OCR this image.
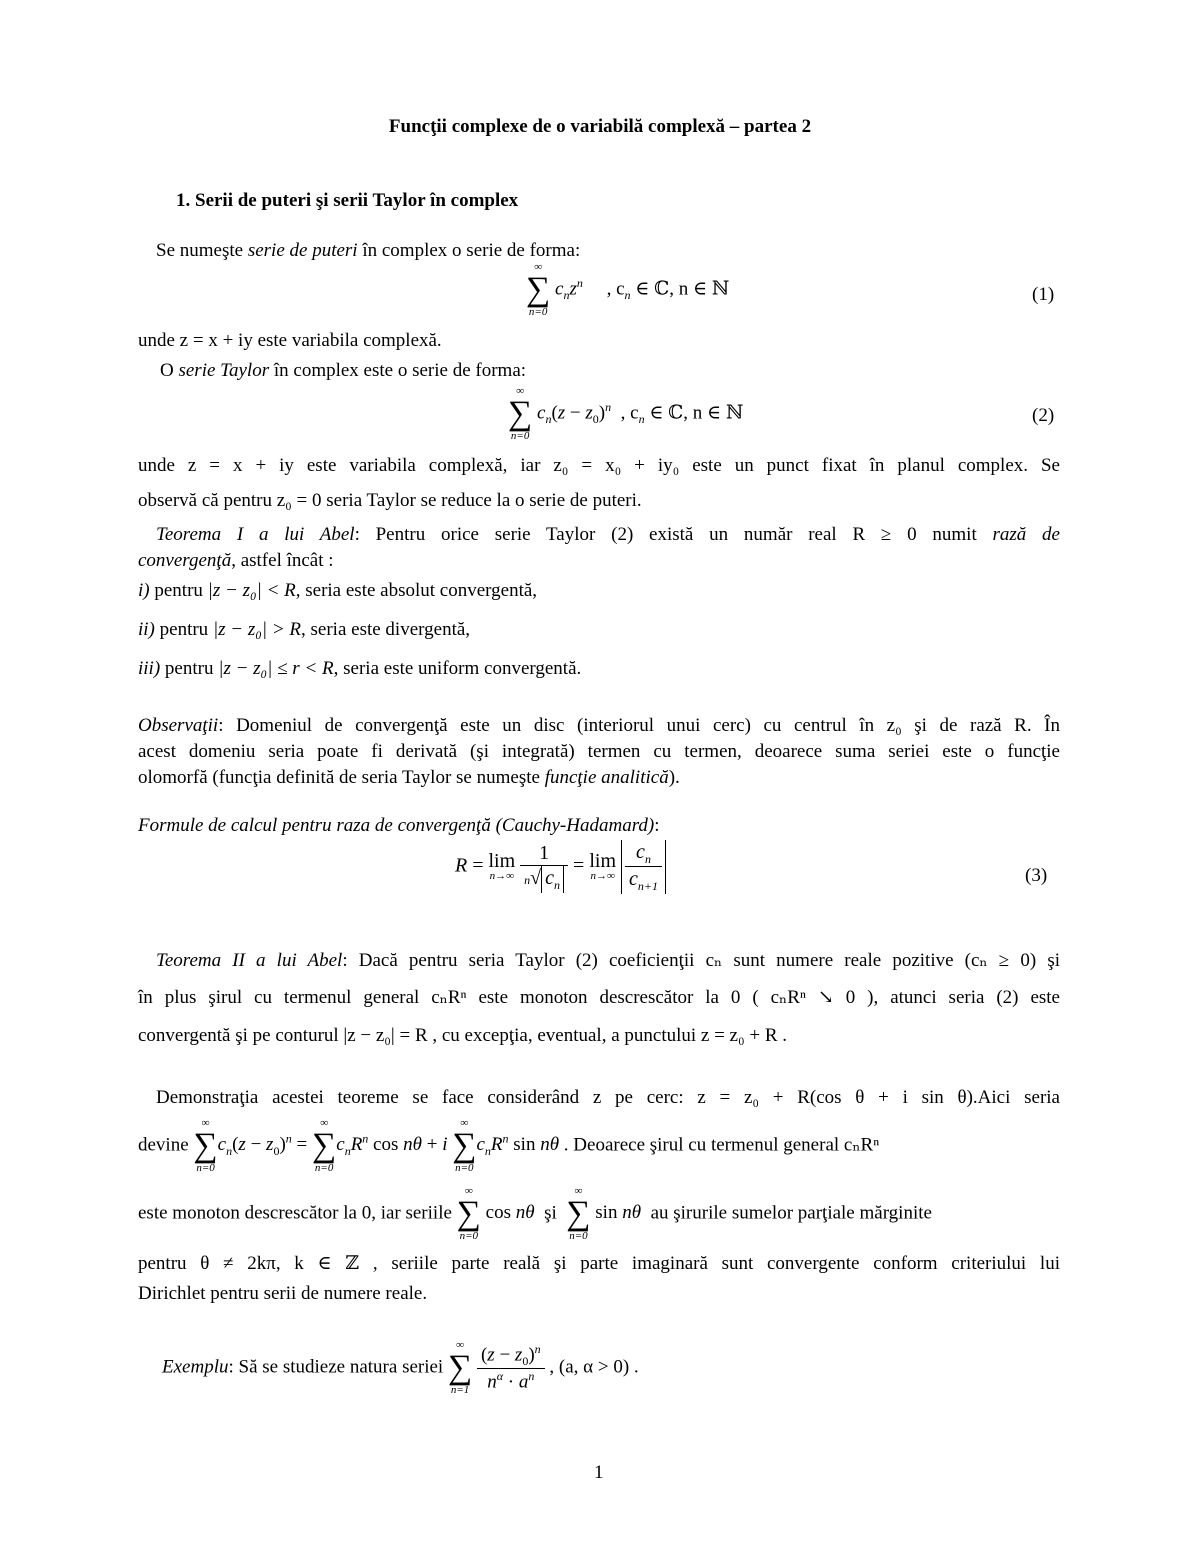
Funcţii complexe de o variabilă complexă – partea 2
1. Serii de puteri şi serii Taylor în complex
Se numeşte serie de puteri în complex o serie de forma:
∞
∑
n=0
$c_nz^n$ , $c_n$ ∈ ℂ, n ∈ ℕ	(1)
unde z = x + iy este variabila complexă.
O serie Taylor în complex este o serie de forma:
∞
∑
n=0
$c_n(z - z_0)^n$ , $c_n$ ∈ ℂ, n ∈ ℕ	(2)
unde z = x + iy este variabila complexă, iar z₀ = x₀ + iy₀ este un punct fixat în planul complex. Se
observă că pentru z₀ = 0 seria Taylor se reduce la o serie de puteri.
Teorema I a lui Abel: Pentru orice serie Taylor (2) există un număr real R ≥ 0 numit rază de
convergenţă, astfel încât :
i) pentru |z − z₀| < R, seria este absolut convergentă,
ii) pentru |z − z₀| > R, seria este divergentă,
iii) pentru |z − z₀| ≤ r < R, seria este uniform convergentă.
Observaţii: Domeniul de convergenţă este un disc (interiorul unui cerc) cu centrul în z₀ şi de rază R. În
acest domeniu seria poate fi derivată (şi integrată) termen cu termen, deoarece suma seriei este o funcţie
olomorfă (funcţia definită de seria Taylor se numeşte funcţie analitică).
Formule de calcul pentru raza de convergenţă (Cauchy-Hadamard):
R = lim
n→∞
$\frac{1}{n√ c_n} = \lim$
n→∞
$\frac{c_n}{c_{n+1}}$	(3)
Teorema II a lui Abel: Dacă pentru seria Taylor (2) coeficienţii cₙ sunt numere reale pozitive (cₙ ≥ 0) şi
în plus şirul cu termenul general cₙRⁿ este monoton descrescător la 0 ( cₙRⁿ ↘ 0 ), atunci seria (2) este
convergentă şi pe conturul |z − z₀| = R , cu excepţia, eventual, a punctului z = z₀ + R .
Demonstraţia acestei teoreme se face considerând z pe cerc: z = z₀ + R(cos θ + i sin θ).Aici seria
devine
∞
∑
n=0
$c_n(z - z_0)^n$ =
∞
∑
n=0
$c_nR^n$ cos nθ + i
∞
∑
n=0
$c_nR^n$ sin nθ . Deoarece şirul cu termenul general cₙRⁿ
este monoton descrescător la 0, iar seriile
∞
∑
n=0
cos nθ şi
∞
∑
n=0
sin nθ au şirurile sumelor parţiale mărginite
pentru θ ≠ 2kπ, k ∈ ℤ , seriile parte reală şi parte imaginară sunt convergente conform criteriului lui
Dirichlet pentru serii de numere reale.
Exemplu: Să se studieze natura seriei
∞
∑
n=1
$\frac{(z - z_0)^n}{n^\alpha \cdot a^n}$ , (a, α > 0) .
1
